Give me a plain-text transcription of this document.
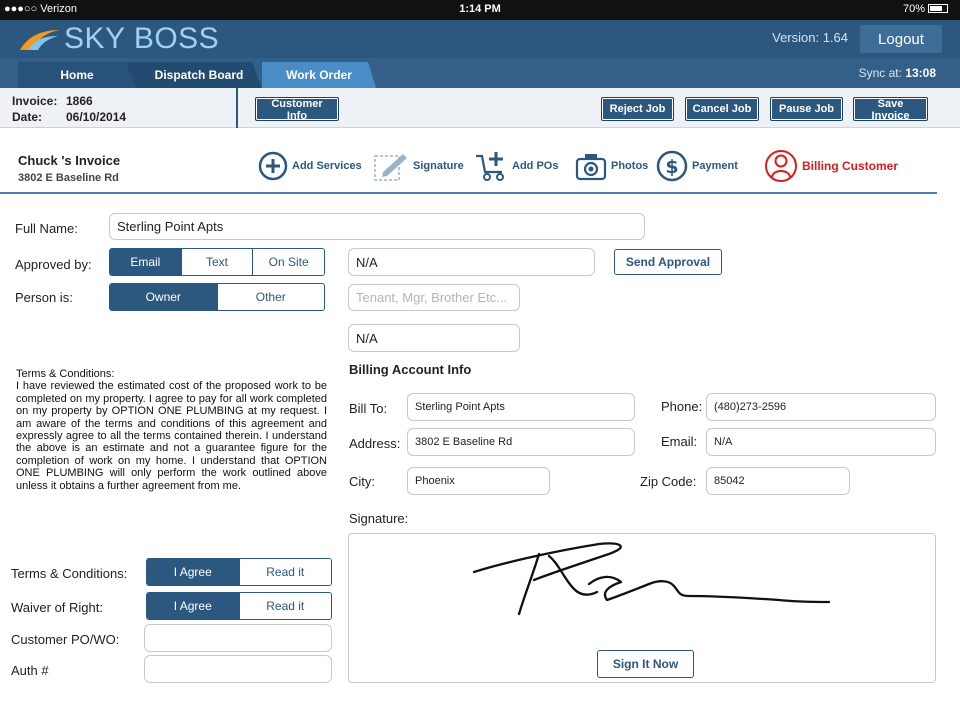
●●●○○ Verizon	1:14 PM	70%
SKY BOSS	Version: 1.64	Logout
Home	Dispatch Board	Work Order	Sync at: 13:08
Invoice: 1866
Date: 06/10/2014
Customer Info
Reject Job	Cancel Job	Pause Job	Save Invoice
Chuck 's Invoice
3802 E Baseline Rd
Add Services	Signature	Add POs	Photos $ Payment	Billing Customer
Full Name:	Sterling Point Apts
Approved by:	Email	Text	On Site	N/A	Send Approval
Person is:	Owner	Other	Tenant, Mgr, Brother Etc...
N/A
Billing Account Info
Bill To:	Sterling Point Apts	Phone:	(480)273-2596
Address:	3802 E Baseline Rd	Email:	N/A
City:	Phoenix	Zip Code:	85042
Signature:
Sign It Now
Terms & Conditions:
I have reviewed the estimated cost of the proposed work to be completed on my property. I agree to pay for all work completed on my property by OPTION ONE PLUMBING at my request. I am aware of the terms and conditions of this agreement and expressly agree to all the terms contained therein. I understand the above is an estimate and not a guarantee figure for the completion of work on my home. I understand that OPTION ONE PLUMBING will only perform the work outlined above unless it obtains a further agreement from me.
Terms & Conditions:	I Agree	Read it
Waiver of Right:	I Agree	Read it
Customer PO/WO:
Auth #
